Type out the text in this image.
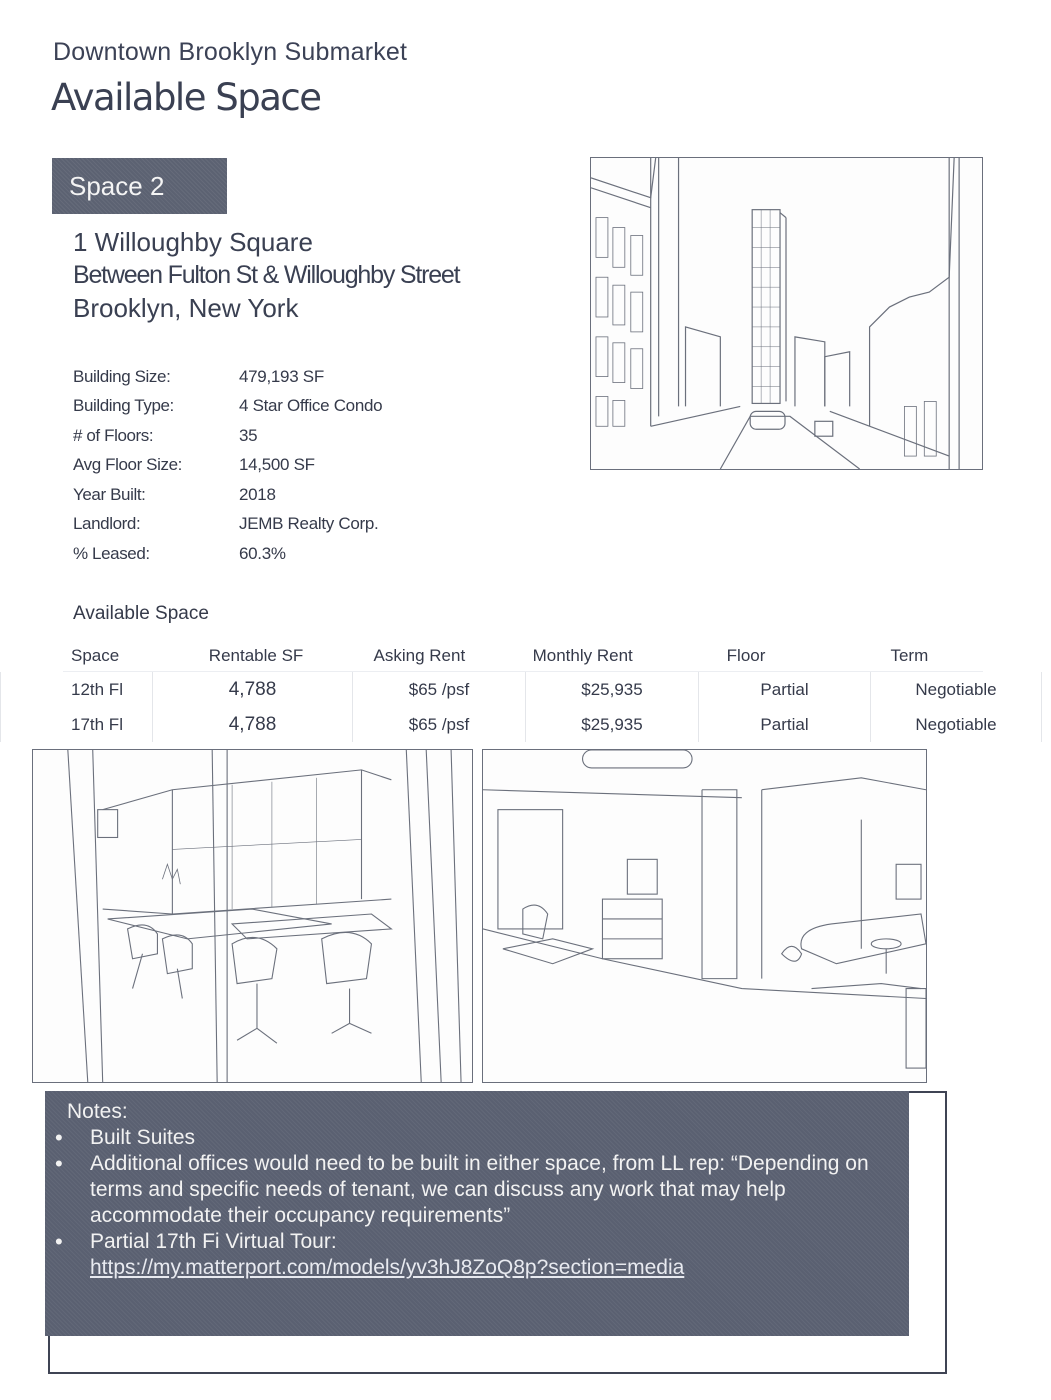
Downtown Brooklyn Submarket
Available Space
Space 2
1 Willoughby Square
Between Fulton St & Willoughby Street
Brooklyn, New York
Building Size:	479,193 SF
Building Type:	4 Star Office Condo
# of Floors:	35
Avg Floor Size:	14,500 SF
Year Built:	2018
Landlord:	JEMB Realty Corp.
% Leased:	60.3%
Available Space
Space	Rentable SF	Asking Rent	Monthly Rent	Floor	Term
12th Fl	4,788	$65 /psf	$25,935	Partial	Negotiable
17th Fl	4,788	$65 /psf	$25,935	Partial	Negotiable
Notes:
• Built Suites
• Additional offices would need to be built in either space, from LL rep: “Depending on terms and specific needs of tenant, we can discuss any work that may help accommodate their occupancy requirements”
• Partial 17th Fi Virtual Tour:
https://my.matterport.com/models/yv3hJ8ZoQ8p?section=media
